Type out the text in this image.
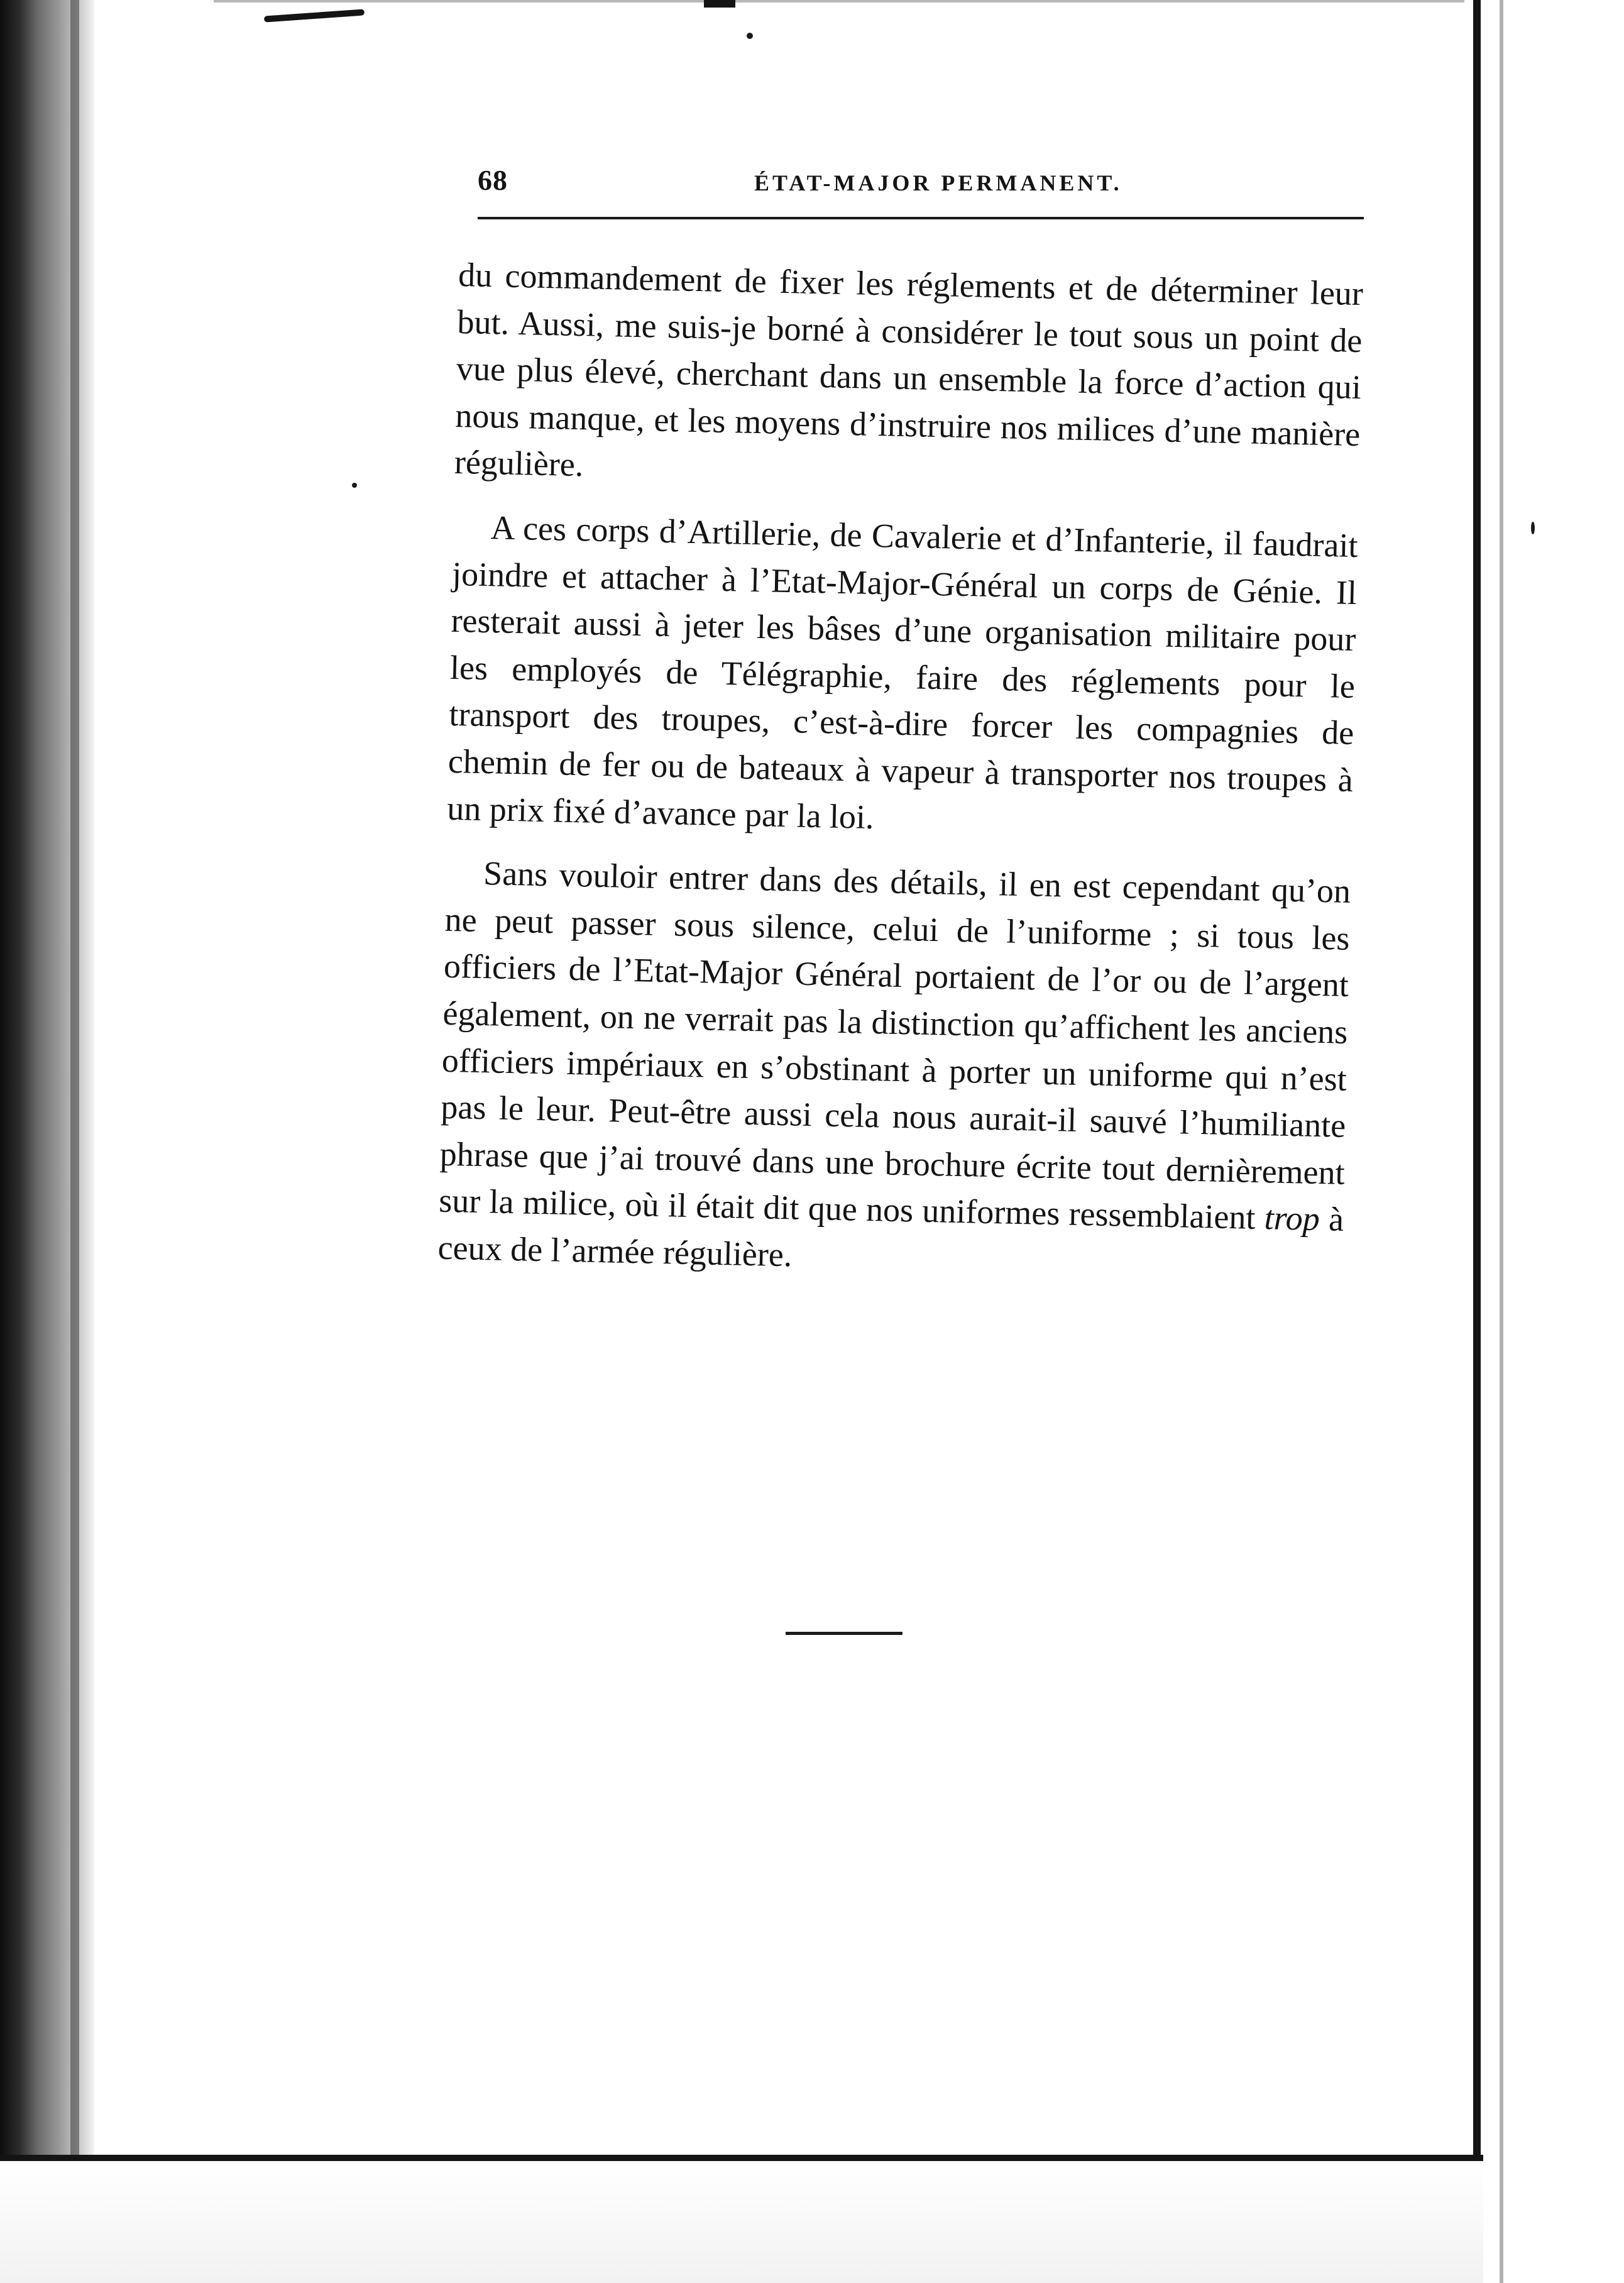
68	ÉTAT-MAJOR PERMANENT.

du commandement de fixer les réglements et de déterminer leur but. Aussi, me suis-je borné à considérer le tout sous un point de vue plus élevé, cherchant dans un ensemble la force d’action qui nous manque, et les moyens d’instruire nos milices d’une manière régulière.

A ces corps d’Artillerie, de Cavalerie et d’Infanterie, il faudrait joindre et attacher à l’Etat-Major-Général un corps de Génie. Il resterait aussi à jeter les bâses d’une organisation militaire pour les employés de Télégraphie, faire des réglements pour le transport des troupes, c’est-à-dire forcer les compagnies de chemin de fer ou de bateaux à vapeur à transporter nos troupes à un prix fixé d’avance par la loi.

Sans vouloir entrer dans des détails, il en est cependant qu’on ne peut passer sous silence, celui de l’uniforme ; si tous les officiers de l’Etat-Major Général portaient de l’or ou de l’argent également, on ne verrait pas la distinction qu’affichent les anciens officiers impériaux en s’obstinant à porter un uniforme qui n’est pas le leur. Peut-être aussi cela nous aurait-il sauvé l’humiliante phrase que j’ai trouvé dans une brochure écrite tout dernièrement sur la milice, où il était dit que nos uniformes ressemblaient trop à ceux de l’armée régulière.
